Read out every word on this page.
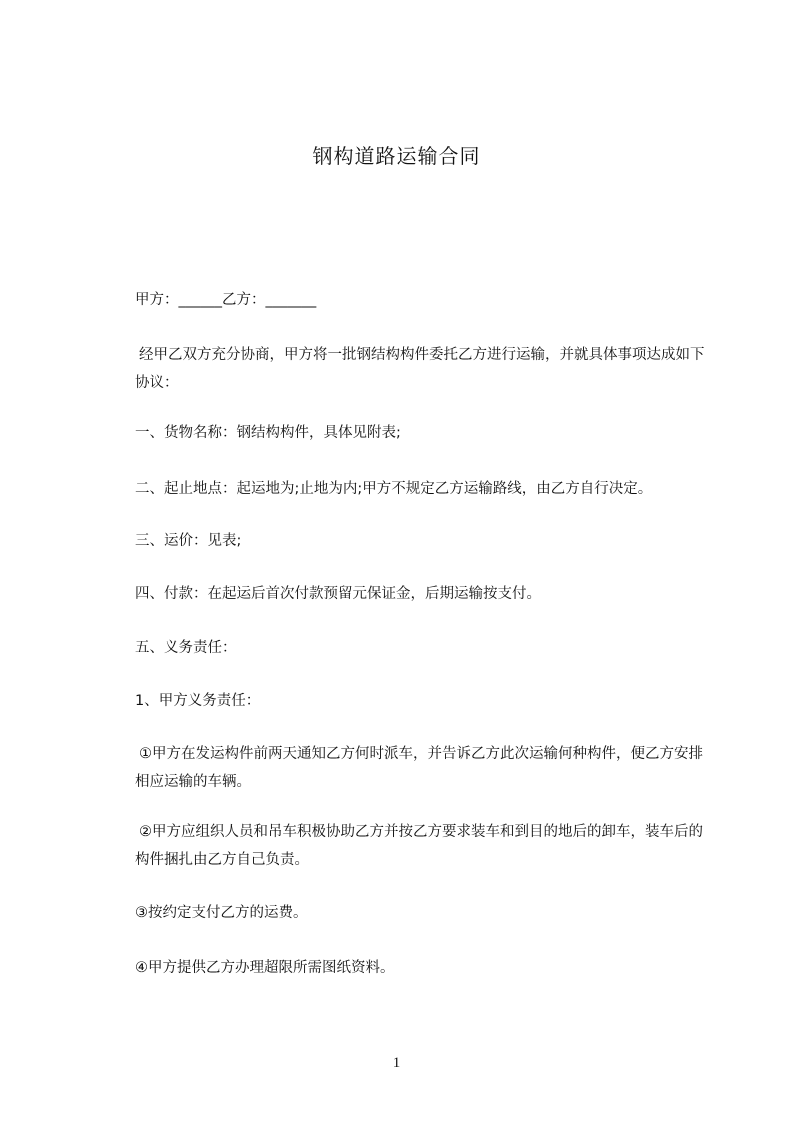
钢构道路运输合同

甲方：______乙方：_______

经甲乙双方充分协商，甲方将一批钢结构构件委托乙方进行运输，并就具体事项达成如下协议：

一、货物名称：钢结构构件，具体见附表;

二、起止地点：起运地为;止地为内;甲方不规定乙方运输路线，由乙方自行决定。

三、运价：见表;

四、付款：在起运后首次付款预留元保证金，后期运输按支付。

五、义务责任：

1、甲方义务责任：

①甲方在发运构件前两天通知乙方何时派车，并告诉乙方此次运输何种构件，便乙方安排相应运输的车辆。

②甲方应组织人员和吊车积极协助乙方并按乙方要求装车和到目的地后的卸车，装车后的构件捆扎由乙方自己负责。

③按约定支付乙方的运费。

④甲方提供乙方办理超限所需图纸资料。

1
